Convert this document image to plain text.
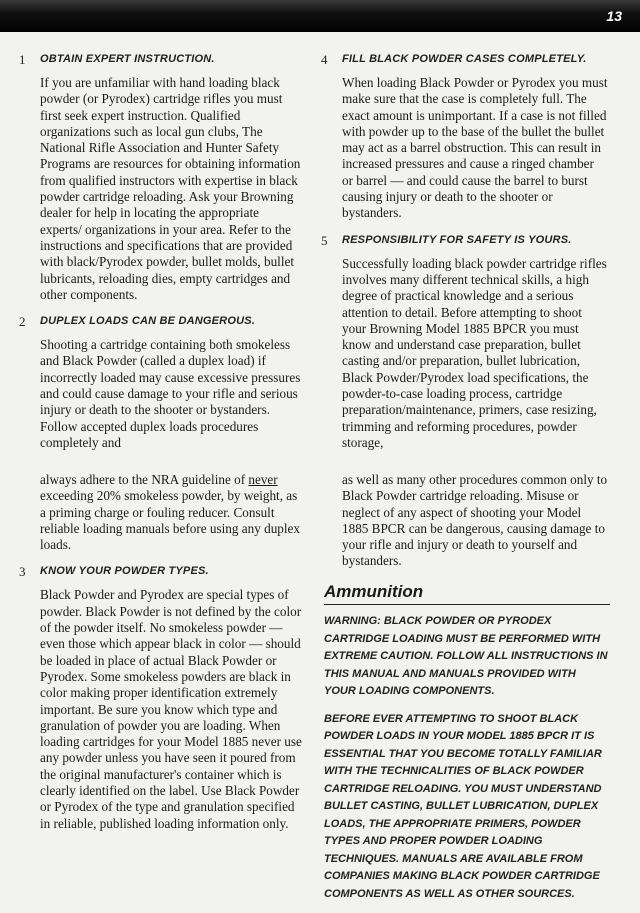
13
1 OBTAIN EXPERT INSTRUCTION.

If you are unfamiliar with hand loading black powder (or Pyrodex) cartridge rifles you must first seek expert instruction. Qualified organizations such as local gun clubs, The National Rifle Association and Hunter Safety Programs are resources for obtaining information from qualified instructors with expertise in black powder cartridge reloading. Ask your Browning dealer for help in locating the appropriate experts/ organizations in your area. Refer to the instructions and specifications that are provided with black/Pyrodex powder, bullet molds, bullet lubricants, reloading dies, empty cartridges and other components.

2 DUPLEX LOADS CAN BE DANGEROUS.

Shooting a cartridge containing both smokeless and Black Powder (called a duplex load) if incorrectly loaded may cause excessive pressures and could cause damage to your rifle and serious injury or death to the shooter or bystanders. Follow accepted duplex loads procedures completely and

4 FILL BLACK POWDER CASES COMPLETELY.

When loading Black Powder or Pyrodex you must make sure that the case is completely full. The exact amount is unimportant. If a case is not filled with powder up to the base of the bullet the bullet may act as a barrel obstruction. This can result in increased pressures and cause a ringed chamber or barrel — and could cause the barrel to burst causing injury or death to the shooter or bystanders.

5 RESPONSIBILITY FOR SAFETY IS YOURS.

Successfully loading black powder cartridge rifles involves many different technical skills, a high degree of practical knowledge and a serious attention to detail. Before attempting to shoot your Browning Model 1885 BPCR you must know and understand case preparation, bullet casting and/or preparation, bullet lubrication, Black Powder/Pyrodex load specifications, the powder-to-case loading process, cartridge preparation/maintenance, primers, case resizing, trimming and reforming procedures, powder storage,

always adhere to the NRA guideline of never exceeding 20% smokeless powder, by weight, as a priming charge or fouling reducer. Consult reliable loading manuals before using any duplex loads.

3 KNOW YOUR POWDER TYPES.

Black Powder and Pyrodex are special types of powder. Black Powder is not defined by the color of the powder itself. No smokeless powder — even those which appear black in color — should be loaded in place of actual Black Powder or Pyrodex. Some smokeless powders are black in color making proper identification extremely important. Be sure you know which type and granulation of powder you are loading. When loading cartridges for your Model 1885 never use any powder unless you have seen it poured from the original manufacturer's container which is clearly identified on the label. Use Black Powder or Pyrodex of the type and granulation specified in reliable, published loading information only.

as well as many other procedures common only to Black Powder cartridge reloading. Misuse or neglect of any aspect of shooting your Model 1885 BPCR can be dangerous, causing damage to your rifle and injury or death to yourself and bystanders.

Ammunition

WARNING: BLACK POWDER OR PYRODEX CARTRIDGE LOADING MUST BE PERFORMED WITH EXTREME CAUTION. FOLLOW ALL INSTRUCTIONS IN THIS MANUAL AND MANUALS PROVIDED WITH YOUR LOADING COMPONENTS.

BEFORE EVER ATTEMPTING TO SHOOT BLACK POWDER LOADS IN YOUR MODEL 1885 BPCR IT IS ESSENTIAL THAT YOU BECOME TOTALLY FAMILIAR WITH THE TECHNICALITIES OF BLACK POWDER CARTRIDGE RELOADING. YOU MUST UNDERSTAND BULLET CASTING, BULLET LUBRICATION, DUPLEX LOADS, THE APPROPRIATE PRIMERS, POWDER TYPES AND PROPER POWDER LOADING TECHNIQUES. MANUALS ARE AVAILABLE FROM COMPANIES MAKING BLACK POWDER CARTRIDGE COMPONENTS AS WELL AS OTHER SOURCES.
